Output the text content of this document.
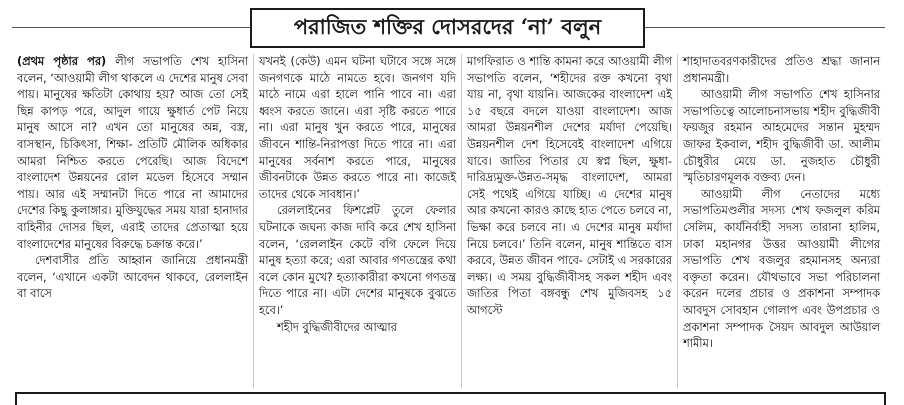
পরাজিত শক্তির দোসরদের ‘না’ বলুন

(প্রথম পৃষ্ঠার পর) লীগ সভাপতি শেখ হাসিনা বলেন, ‘আওয়ামী লীগ থাকলে এ দেশের মানুষ সেবা পায়। মানুষের ক্ষতিটা কোথায় হয়? আজ তো সেই ছিন্ন কাপড় পরে, আদুল গায়ে ক্ষুধার্ত পেট নিয়ে মানুষ আসে না? এখন তো মানুষের অন্ন, বস্ত্র, বাসস্থান, চিকিৎসা, শিক্ষা- প্রতিটি মৌলিক অধিকার আমরা নিশ্চিত করতে পেরেছি। আজ বিদেশে বাংলাদেশ উন্নয়নের রোল মডেল হিসেবে সম্মান পায়। আর এই সম্মানটা দিতে পারে না আমাদের দেশের কিছু কুলাঙ্গার। মুক্তিযুদ্ধের সময় যারা হানাদার বাহিনীর দোসর ছিল, এরাই তাদের প্রেতাত্মা হয়ে বাংলাদেশের মানুষের বিরুদ্ধে চক্রান্ত করে।’

দেশবাসীর প্রতি আহ্বান জানিয়ে প্রধানমন্ত্রী বলেন, ‘এখানে একটা আবেদন থাকবে, রেললাইন বা বাসে

যখনই (কেউ) এমন ঘটনা ঘটাবে সঙ্গে সঙ্গে জনগণকে মাঠে নামতে হবে। জনগণ যদি মাঠে নামে এরা হালে পানি পাবে না। এরা ধ্বংস করতে জানে। এরা সৃষ্টি করতে পারে না। এরা মানুষ খুন করতে পারে, মানুষের জীবনে শান্তি-নিরাপত্তা দিতে পারে না। এরা মানুষের সর্বনাশ করতে পারে, মানুষের জীবনটাকে উন্নত করতে পারে না। কাজেই তাদের থেকে সাবধান।’

রেললাইনের ফিশপ্লেট তুলে ফেলার ঘটনাকে জঘন্য কাজ দাবি করে শেখ হাসিনা বলেন, ‘রেললাইন কেটে বগি ফেলে দিয়ে মানুষ হত্যা করে; এরা আবার গণতন্ত্রের কথা বলে কোন মুখে? হত্যাকারীরা কখনো গণতন্ত্র দিতে পারে না। এটা দেশের মানুষকে বুঝতে হবে।’

শহীদ বুদ্ধিজীবীদের আত্মার

মাগফিরাত ও শান্তি কামনা করে আওয়ামী লীগ সভাপতি বলেন, ‘শহীদের রক্ত কখনো বৃথা যায় না, বৃথা যায়নি। আজকের বাংলাদেশ এই ১৫ বছরে বদলে যাওয়া বাংলাদেশ। আজ আমরা উন্নয়নশীল দেশের মর্যাদা পেয়েছি। উন্নয়নশীল দেশ হিসেবেই বাংলাদেশ এগিয়ে যাবে। জাতির পিতার যে স্বপ্ন ছিল, ক্ষুধা-দারিদ্র্যমুক্ত-উন্নত-সমৃদ্ধ বাংলাদেশ, আমরা সেই পথেই এগিয়ে যাচ্ছি। এ দেশের মানুষ আর কখনো কারও কাছে হাত পেতে চলবে না, ভিক্ষা করে চলবে না। এ দেশের মানুষ মর্যাদা নিয়ে চলবে।’ তিনি বলেন, মানুষ শান্তিতে বাস করবে, উন্নত জীবন পাবে- সেটাই এ সরকারের লক্ষ্য। এ সময় বুদ্ধিজীবীসহ সকল শহীদ এবং জাতির পিতা বঙ্গবন্ধু শেখ মুজিবসহ ১৫ আগস্টে

শাহাদাতবরণকারীদের প্রতিও শ্রদ্ধা জানান প্রধানমন্ত্রী।

আওয়ামী লীগ সভাপতি শেখ হাসিনার সভাপতিত্বে আলোচনাসভায় শহীদ বুদ্ধিজীবী ফয়জুর রহমান আহমেদের সন্তান মুহম্মদ জাফর ইকবাল, শহীদ বুদ্ধিজীবী ডা. আলীম চৌধুরীর মেয়ে ডা. নুজহাত চৌধুরী স্মৃতিচারণমূলক বক্তব্য দেন।

আওয়ামী লীগ নেতাদের মধ্যে সভাপতিমণ্ডলীর সদস্য শেখ ফজলুল করিম সেলিম, কার্যনির্বাহী সদস্য তারানা হালিম, ঢাকা মহানগর উত্তর আওয়ামী লীগের সভাপতি শেখ বজলুর রহমানসহ অন্যরা বক্তৃতা করেন। যৌথভাবে সভা পরিচালনা করেন দলের প্রচার ও প্রকাশনা সম্পাদক আবদুস সোবহান গোলাপ এবং উপপ্রচার ও প্রকাশনা সম্পাদক সৈয়দ আবদুল আউয়াল শামীম।
